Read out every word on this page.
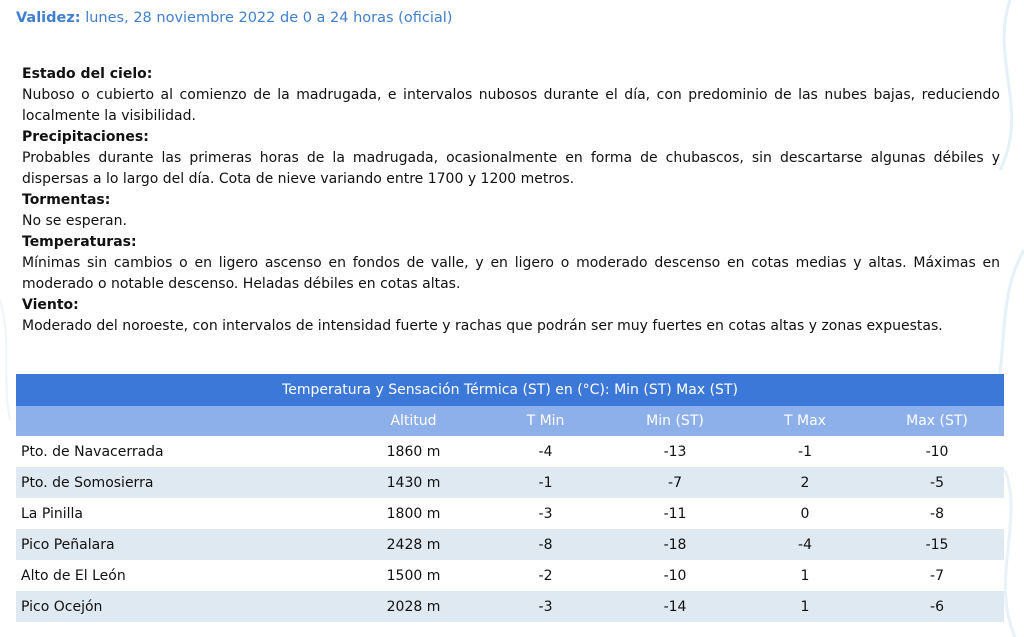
Validez: lunes, 28 noviembre 2022 de 0 a 24 horas (oficial)

Estado del cielo:

Nuboso o cubierto al comienzo de la madrugada, e intervalos nubosos durante el día, con predominio de las nubes bajas, reduciendo localmente la visibilidad.

Precipitaciones:

Probables durante las primeras horas de la madrugada, ocasionalmente en forma de chubascos, sin descartarse algunas débiles y dispersas a lo largo del día. Cota de nieve variando entre 1700 y 1200 metros.

Tormentas:

No se esperan.

Temperaturas:

Mínimas sin cambios o en ligero ascenso en fondos de valle, y en ligero o moderado descenso en cotas medias y altas. Máximas en moderado o notable descenso. Heladas débiles en cotas altas.

Viento:

Moderado del noroeste, con intervalos de intensidad fuerte y rachas que podrán ser muy fuertes en cotas altas y zonas expuestas.

Temperatura y Sensación Térmica (ST) en (°C): Min (ST) Max (ST)					
	Altitud	T Min	Min (ST)	T Max	Max (ST)
Pto. de Navacerrada	1860 m	-4	-13	-1	-10
Pto. de Somosierra	1430 m	-1	-7	2	-5
La Pinilla	1800 m	-3	-11	0	-8
Pico Peñalara	2428 m	-8	-18	-4	-15
Alto de El León	1500 m	-2	-10	1	-7
Pico Ocejón	2028 m	-3	-14	1	-6
